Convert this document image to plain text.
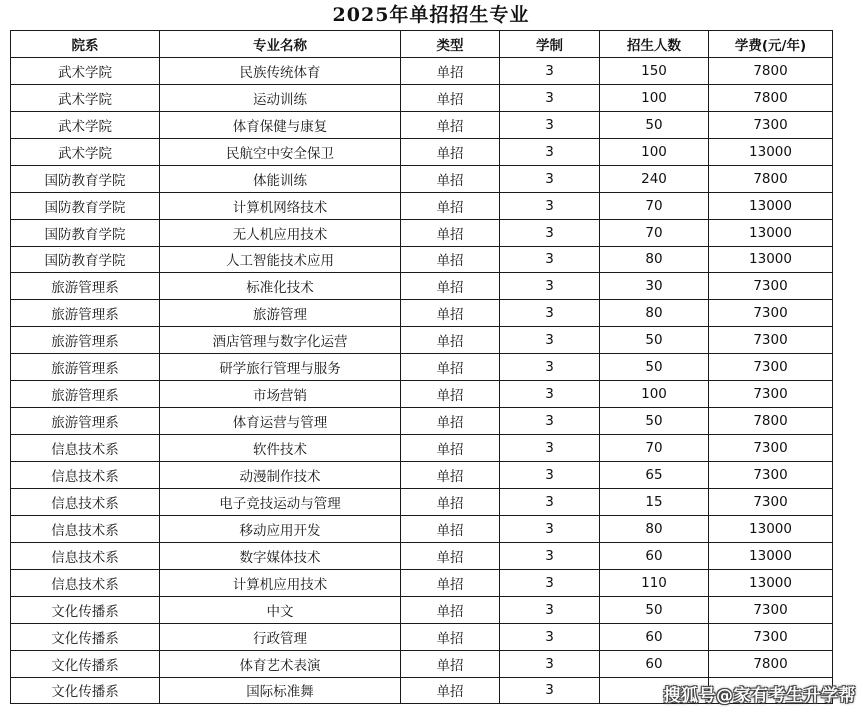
2025年单招招生专业
院系	专业名称	类型	学制	招生人数	学费(元/年)
武术学院	民族传统体育	单招	3	150	7800
武术学院	运动训练	单招	3	100	7800
武术学院	体育保健与康复	单招	3	50	7300
武术学院	民航空中安全保卫	单招	3	100	13000
国防教育学院	体能训练	单招	3	240	7800
国防教育学院	计算机网络技术	单招	3	70	13000
国防教育学院	无人机应用技术	单招	3	70	13000
国防教育学院	人工智能技术应用	单招	3	80	13000
旅游管理系	标准化技术	单招	3	30	7300
旅游管理系	旅游管理	单招	3	80	7300
旅游管理系	酒店管理与数字化运营	单招	3	50	7300
旅游管理系	研学旅行管理与服务	单招	3	50	7300
旅游管理系	市场营销	单招	3	100	7300
旅游管理系	体育运营与管理	单招	3	50	7800
信息技术系	软件技术	单招	3	70	7300
信息技术系	动漫制作技术	单招	3	65	7300
信息技术系	电子竞技运动与管理	单招	3	15	7300
信息技术系	移动应用开发	单招	3	80	13000
信息技术系	数字媒体技术	单招	3	60	13000
信息技术系	计算机应用技术	单招	3	110	13000
文化传播系	中文	单招	3	50	7300
文化传播系	行政管理	单招	3	60	7300
文化传播系	体育艺术表演	单招	3	60	7800
文化传播系	国际标准舞	单招	3			搜狐号@家有考生升学帮
